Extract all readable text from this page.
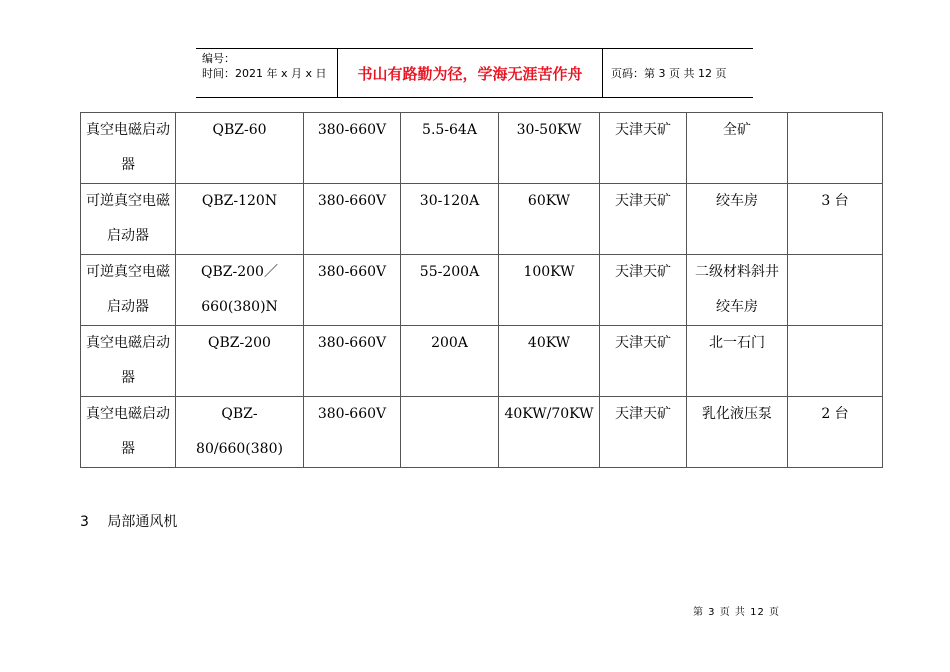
编号：
时间：2021 年 x 月 x 日	书山有路勤为径，学海无涯苦作舟	页码：第 3 页 共 12 页
真空电磁启动器	QBZ-60	380-660V	5.5-64A	30-50KW	天津天矿	全矿	
可逆真空电磁启动器	QBZ-120N	380-660V	30-120A	60KW	天津天矿	绞车房	3 台
可逆真空电磁启动器	QBZ-200／660(380)N	380-660V	55-200A	100KW	天津天矿	二级材料斜井绞车房	
真空电磁启动器	QBZ-200	380-660V	200A	40KW	天津天矿	北一石门	
真空电磁启动器	QBZ-80/660(380)	380-660V		40KW/70KW	天津天矿	乳化液压泵	2 台
3 局部通风机
第 3 页 共 12 页
